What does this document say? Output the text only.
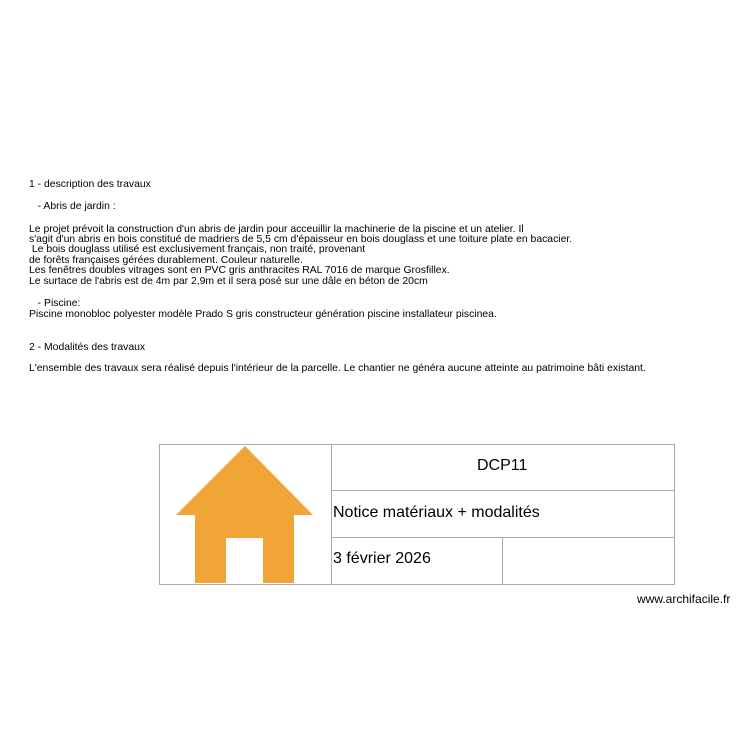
1 - description des travaux
- Abris de jardin :
Le projet prévoit la construction d'un abris de jardin pour acceuillir la machinerie de la piscine et un atelier. Il
s'agit d'un abris en bois constitué de madriers de 5,5 cm d'épaisseur en bois douglass et une toiture plate en bacacier.
Le bois douglass utilisé est exclusivement français, non traité, provenant
de forêts françaises gérées durablement. Couleur naturelle.
Les fenêtres doubles vitrages sont en PVC gris anthracites RAL 7016 de marque Grosfillex.
Le surtace de l'abris est de 4m par 2,9m et il sera posé sur une dâle en béton de 20cm
- Piscine:
Piscine monobloc polyester modèle Prado S gris constructeur génération piscine installateur piscinea.
2 - Modalités des travaux
L'ensemble des travaux sera réalisé depuis l'intérieur de la parcelle. Le chantier ne généra aucune atteinte au patrimoine bâti existant.
DCP11
Notice matériaux + modalités
3 février 2026
www.archifacile.fr
